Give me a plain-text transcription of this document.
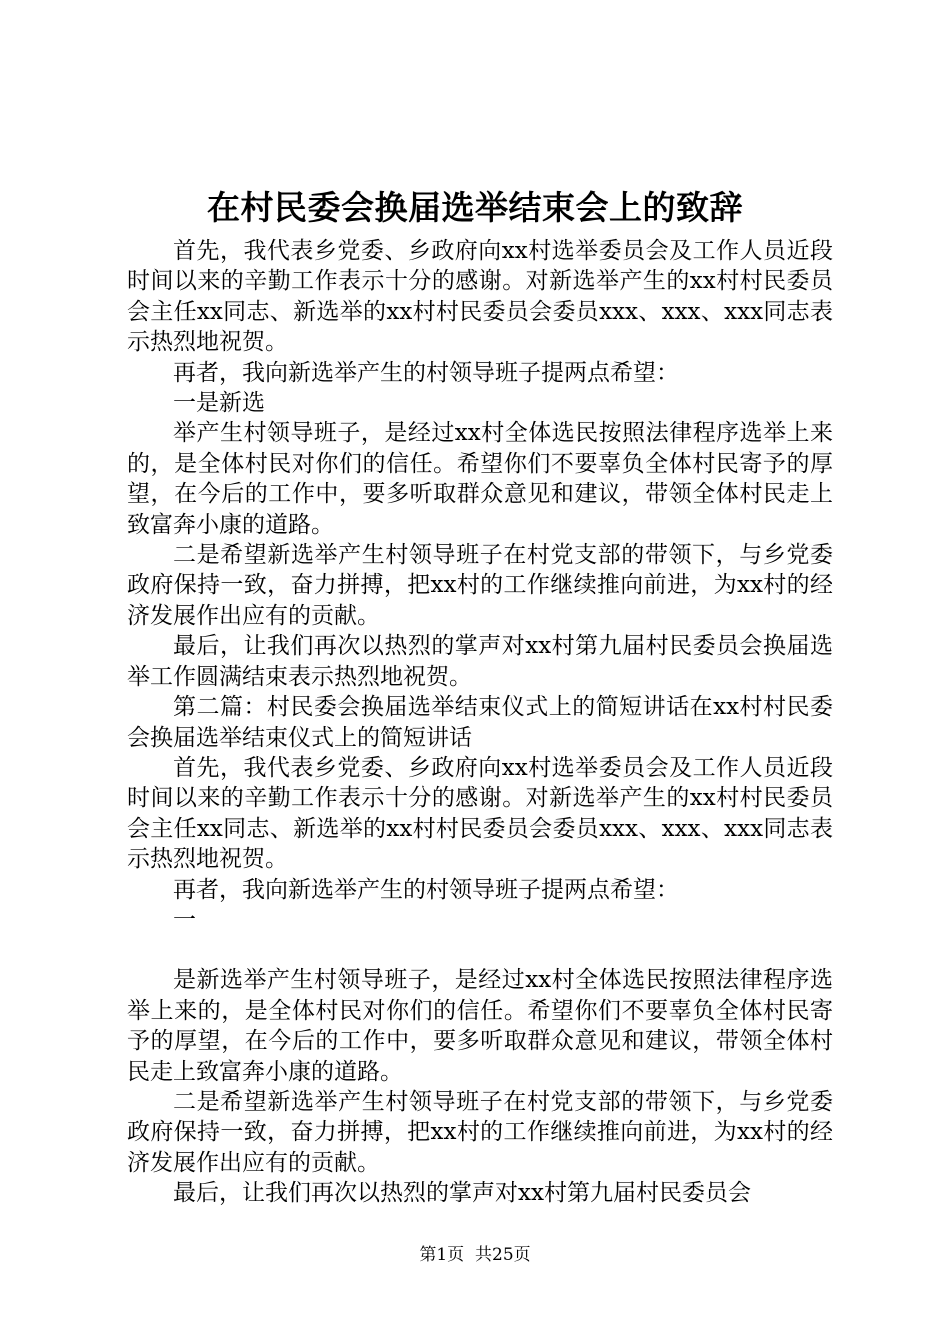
在村民委会换届选举结束会上的致辞

首先，我代表乡党委、乡政府向xx村选举委员会及工作人员近段时间以来的辛勤工作表示十分的感谢。对新选举产生的xx村村民委员会主任xx同志、新选举的xx村村民委员会委员xxx、xxx、xxx同志表示热烈地祝贺。

再者，我向新选举产生的村领导班子提两点希望：

一是新选

举产生村领导班子，是经过xx村全体选民按照法律程序选举上来的，是全体村民对你们的信任。希望你们不要辜负全体村民寄予的厚望，在今后的工作中，要多听取群众意见和建议，带领全体村民走上致富奔小康的道路。

二是希望新选举产生村领导班子在村党支部的带领下，与乡党委政府保持一致，奋力拼搏，把xx村的工作继续推向前进，为xx村的经济发展作出应有的贡献。

最后，让我们再次以热烈的掌声对xx村第九届村民委员会换届选举工作圆满结束表示热烈地祝贺。

第二篇：村民委会换届选举结束仪式上的简短讲话在xx村村民委会换届选举结束仪式上的简短讲话

首先，我代表乡党委、乡政府向xx村选举委员会及工作人员近段时间以来的辛勤工作表示十分的感谢。对新选举产生的xx村村民委员会主任xx同志、新选举的xx村村民委员会委员xxx、xxx、xxx同志表示热烈地祝贺。

再者，我向新选举产生的村领导班子提两点希望：

一

是新选举产生村领导班子，是经过xx村全体选民按照法律程序选举上来的，是全体村民对你们的信任。希望你们不要辜负全体村民寄予的厚望，在今后的工作中，要多听取群众意见和建议，带领全体村民走上致富奔小康的道路。

二是希望新选举产生村领导班子在村党支部的带领下，与乡党委政府保持一致，奋力拼搏，把xx村的工作继续推向前进，为xx村的经济发展作出应有的贡献。

最后，让我们再次以热烈的掌声对xx村第九届村民委员会

第1页 共25页
